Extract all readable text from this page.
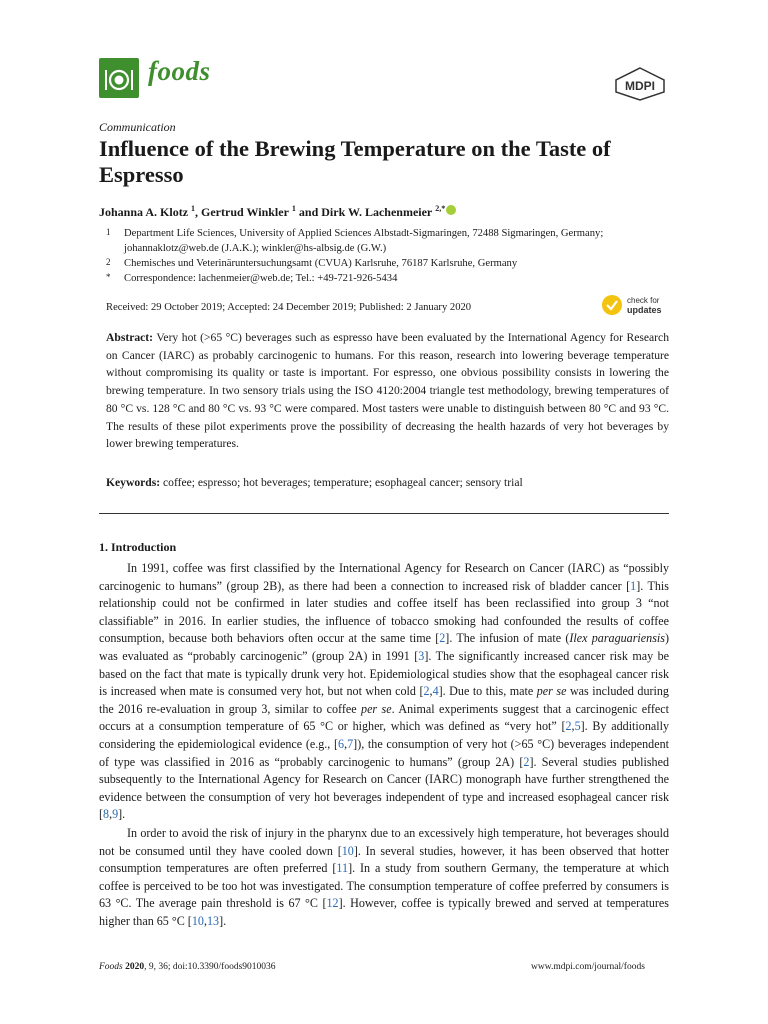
foods	MDPI
Communication
Influence of the Brewing Temperature on the Taste of Espresso
Johanna A. Klotz $^1$, Gertrud Winkler $^1$ and Dirk W. Lachenmeier $^{2,*}$
1 Department Life Sciences, University of Applied Sciences Albstadt-Sigmaringen, 72488 Sigmaringen, Germany; johannaklotz@web.de (J.A.K.); winkler@hs-albsig.de (G.W.)
2 Chemisches und Veterinäruntersuchungsamt (CVUA) Karlsruhe, 76187 Karlsruhe, Germany
* Correspondence: lachenmeier@web.de; Tel.: +49-721-926-5434
Received: 29 October 2019; Accepted: 24 December 2019; Published: 2 January 2020
check for
updates
Abstract: Very hot (>65 °C) beverages such as espresso have been evaluated by the International Agency for Research on Cancer (IARC) as probably carcinogenic to humans. For this reason, research into lowering beverage temperature without compromising its quality or taste is important. For espresso, one obvious possibility consists in lowering the brewing temperature. In two sensory trials using the ISO 4120:2004 triangle test methodology, brewing temperatures of 80 °C vs. 128 °C and 80 °C vs. 93 °C were compared. Most tasters were unable to distinguish between 80 °C and 93 °C. The results of these pilot experiments prove the possibility of decreasing the health hazards of very hot beverages by lower brewing temperatures.
Keywords: coffee; espresso; hot beverages; temperature; esophageal cancer; sensory trial
1. Introduction

In 1991, coffee was first classified by the International Agency for Research on Cancer (IARC) as “possibly carcinogenic to humans” (group 2B), as there had been a connection to increased risk of bladder cancer [1]. This relationship could not be confirmed in later studies and coffee itself has been reclassified into group 3 “not classifiable” in 2016. In earlier studies, the influence of tobacco smoking had confounded the results of coffee consumption, because both behaviors often occur at the same time [2]. The infusion of mate (Ilex paraguariensis) was evaluated as “probably carcinogenic” (group 2A) in 1991 [3]. The significantly increased cancer risk may be based on the fact that mate is typically drunk very hot. Epidemiological studies show that the esophageal cancer risk is increased when mate is consumed very hot, but not when cold [2,4]. Due to this, mate per se was included during the 2016 re-evaluation in group 3, similar to coffee per se. Animal experiments suggest that a carcinogenic effect occurs at a consumption temperature of 65 °C or higher, which was defined as “very hot” [2,5]. By additionally considering the epidemiological evidence (e.g., [6,7]), the consumption of very hot (>65 °C) beverages independent of type was classified in 2016 as “probably carcinogenic to humans” (group 2A) [2]. Several studies published subsequently to the International Agency for Research on Cancer (IARC) monograph have further strengthened the evidence between the consumption of very hot beverages independent of type and increased esophageal cancer risk [8,9].

In order to avoid the risk of injury in the pharynx due to an excessively high temperature, hot beverages should not be consumed until they have cooled down [10]. In several studies, however, it has been observed that hotter consumption temperatures are often preferred [11]. In a study from southern Germany, the temperature at which coffee is perceived to be too hot was investigated. The consumption temperature of coffee preferred by consumers is 63 °C. The average pain threshold is 67 °C [12]. However, coffee is typically brewed and served at temperatures higher than 65 °C [10,13].

Foods 2020, 9, 36; doi:10.3390/foods9010036	www.mdpi.com/journal/foods
